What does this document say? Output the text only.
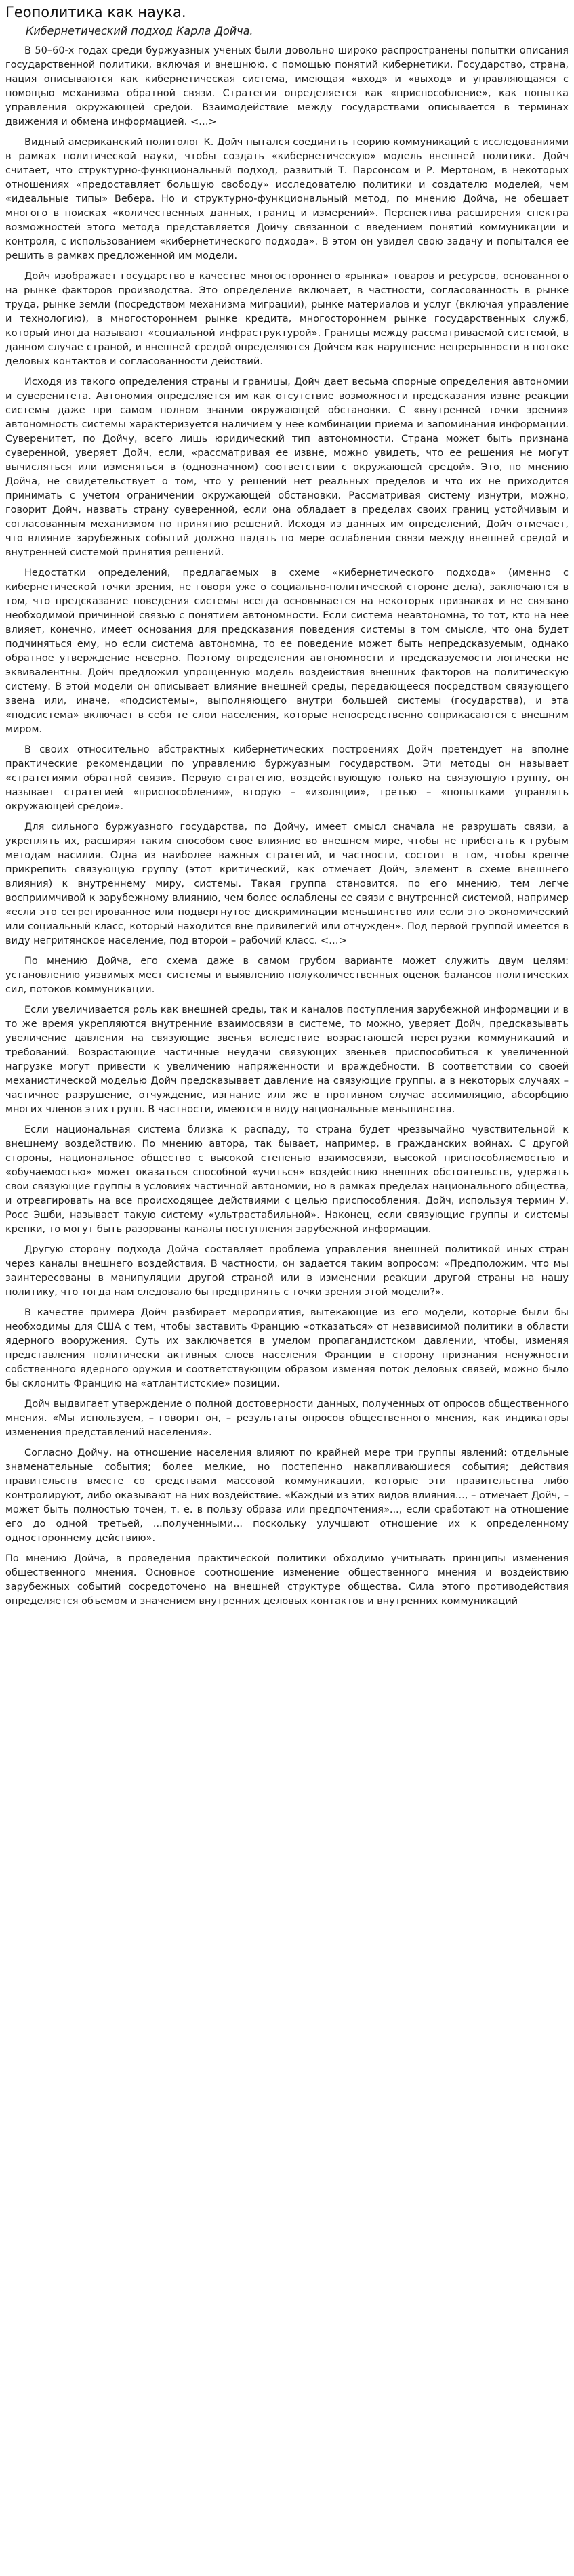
Геополитика как наука.
Кибернетический подход Карла Дойча.

В 50–60-х годах среди буржуазных ученых были довольно широко распространены попытки описания государственной политики, включая и внешнюю, с помощью понятий кибернетики. Государство, страна, нация описываются как кибернетическая система, имеющая «вход» и «выход» и управляющаяся с помощью механизма обратной связи. Стратегия определяется как «приспособление», как попытка управления окружающей средой. Взаимодействие между государствами описывается в терминах движения и обмена информацией. <…>

Видный американский политолог К. Дойч пытался соединить теорию коммуникаций с исследованиями в рамках политической науки, чтобы создать «кибернетическую» модель внешней политики. Дойч считает, что структурно-функциональный подход, развитый Т. Парсонсом и Р. Мертоном, в некоторых отношениях «предоставляет большую свободу» исследователю политики и создателю моделей, чем «идеальные типы» Вебера. Но и структурно-функциональный метод, по мнению Дойча, не обещает многого в поисках «количественных данных, границ и измерений». Перспектива расширения спектра возможностей этого метода представляется Дойчу связанной с введением понятий коммуникации и контроля, с использованием «кибернетического подхода». В этом он увидел свою задачу и попытался ее решить в рамках предложенной им модели.

Дойч изображает государство в качестве многостороннего «рынка» товаров и ресурсов, основанного на рынке факторов производства. Это определение включает, в частности, согласованность в рынке труда, рынке земли (посредством механизма миграции), рынке материалов и услуг (включая управление и технологию), в многостороннем рынке кредита, многостороннем рынке государственных служб, который иногда называют «социальной инфраструктурой». Границы между рассматриваемой системой, в данном случае страной, и внешней средой определяются Дойчем как нарушение непрерывности в потоке деловых контактов и согласованности действий.

Исходя из такого определения страны и границы, Дойч дает весьма спорные определения автономии и суверенитета. Автономия определяется им как отсутствие возможности предсказания извне реакции системы даже при самом полном знании окружающей обстановки. С «внутренней точки зрения» автономность системы характеризуется наличием у нее комбинации приема и запоминания информации. Суверенитет, по Дойчу, всего лишь юридический тип автономности. Страна может быть признана суверенной, уверяет Дойч, если, «рассматривая ее извне, можно увидеть, что ее решения не могут вычисляться или изменяться в (однозначном) соответствии с окружающей средой». Это, по мнению Дойча, не свидетельствует о том, что у решений нет реальных пределов и что их не приходится принимать с учетом ограничений окружающей обстановки. Рассматривая систему изнутри, можно, говорит Дойч, назвать страну суверенной, если она обладает в пределах своих границ устойчивым и согласованным механизмом по принятию решений. Исходя из данных им определений, Дойч отмечает, что влияние зарубежных событий должно падать по мере ослабления связи между внешней средой и внутренней системой принятия решений.

Недостатки определений, предлагаемых в схеме «кибернетического подхода» (именно с кибернетической точки зрения, не говоря уже о социально-политической стороне дела), заключаются в том, что предсказание поведения системы всегда основывается на некоторых признаках и не связано необходимой причинной связью с понятием автономности. Если система неавтономна, то тот, кто на нее влияет, конечно, имеет основания для предсказания поведения системы в том смысле, что она будет подчиняться ему, но если система автономна, то ее поведение может быть непредсказуемым, однако обратное утверждение неверно. Поэтому определения автономности и предсказуемости логически не эквивалентны. Дойч предложил упрощенную модель воздействия внешних факторов на политическую систему. В этой модели он описывает влияние внешней среды, передающееся посредством связующего звена или, иначе, «подсистемы», выполняющего внутри большей системы (государства), и эта «подсистема» включает в себя те слои населения, которые непосредственно соприкасаются с внешним миром.

В своих относительно абстрактных кибернетических построениях Дойч претендует на вполне практические рекомендации по управлению буржуазным государством. Эти методы он называет «стратегиями обратной связи». Первую стратегию, воздействующую только на связующую группу, он называет стратегией «приспособления», вторую – «изоляции», третью – «попытками управлять окружающей средой».

Для сильного буржуазного государства, по Дойчу, имеет смысл сначала не разрушать связи, а укреплять их, расширяя таким способом свое влияние во внешнем мире, чтобы не прибегать к грубым методам насилия. Одна из наиболее важных стратегий, и частности, состоит в том, чтобы крепче прикрепить связующую группу (этот критический, как отмечает Дойч, элемент в схеме внешнего влияния) к внутреннему миру, системы. Такая группа становится, по его мнению, тем легче восприимчивой к зарубежному влиянию, чем более ослаблены ее связи с внутренней системой, например «если это сегрегированное или подвергнутое дискриминации меньшинство или если это экономический или социальный класс, который находится вне привилегий или отчужден». Под первой группой имеется в виду негритянское население, под второй – рабочий класс. <…>

По мнению Дойча, его схема даже в самом грубом варианте может служить двум целям: установлению уязвимых мест системы и выявлению полуколичественных оценок балансов политических сил, потоков коммуникации.

Если увеличивается роль как внешней среды, так и каналов поступления зарубежной информации и в то же время укрепляются внутренние взаимосвязи в системе, то можно, уверяет Дойч, предсказывать увеличение давления на связующие звенья вследствие возрастающей перегрузки коммуникаций и требований. Возрастающие частичные неудачи связующих звеньев приспособиться к увеличенной нагрузке могут привести к увеличению напряженности и враждебности. В соответствии со своей механистической моделью Дойч предсказывает давление на связующие группы, а в некоторых случаях – частичное разрушение, отчуждение, изгнание или же в противном случае ассимиляцию, абсорбцию многих членов этих групп. В частности, имеются в виду национальные меньшинства.

Если национальная система близка к распаду, то страна будет чрезвычайно чувствительной к внешнему воздействию. По мнению автора, так бывает, например, в гражданских войнах. С другой стороны, национальное общество с высокой степенью взаимосвязи, высокой приспособляемостью и «обучаемостью» может оказаться способной «учиться» воздействию внешних обстоятельств, удержать свои связующие группы в условиях частичной автономии, но в рамках пределах национального общества, и отреагировать на все происходящее действиями с целью приспособления. Дойч, используя термин У. Росс Эшби, называет такую систему «ультрастабильной». Наконец, если связующие группы и системы крепки, то могут быть разорваны каналы поступления зарубежной информации.

Другую сторону подхода Дойча составляет проблема управления внешней политикой иных стран через каналы внешнего воздействия. В частности, он задается таким вопросом: «Предположим, что мы заинтересованы в манипуляции другой страной или в изменении реакции другой страны на нашу политику, что тогда нам следовало бы предпринять с точки зрения этой модели?».

В качестве примера Дойч разбирает мероприятия, вытекающие из его модели, которые были бы необходимы для США с тем, чтобы заставить Францию «отказаться» от независимой политики в области ядерного вооружения. Суть их заключается в умелом пропагандистском давлении, чтобы, изменяя представления политически активных слоев населения Франции в сторону признания ненужности собственного ядерного оружия и соответствующим образом изменяя поток деловых связей, можно было бы склонить Францию на «атлантистские» позиции.

Дойч выдвигает утверждение о полной достоверности данных, полученных от опросов общественного мнения. «Мы используем, – говорит он, – результаты опросов общественного мнения, как индикаторы изменения представлений населения».

Согласно Дойчу, на отношение населения влияют по крайней мере три группы явлений: отдельные знаменательные события; более мелкие, но постепенно накапливающиеся события; действия правительств вместе со средствами массовой коммуникации, которые эти правительства либо контролируют, либо оказывают на них воздействие. «Каждый из этих видов влияния..., – отмечает Дойч, – может быть полностью точен, т. е. в пользу образа или предпочтения»..., если сработают на отношение его до одной третьей, ...полученными... поскольку улучшают отношение их к определенному одностороннему действию».

По мнению Дойча, в проведения практической политики обходимо учитывать принципы изменения общественного мнения. Основное соотношение изменение общественного мнения и воздействию зарубежных событий сосредоточено на внешней структуре общества. Сила этого противодействия определяется объемом и значением внутренних деловых контактов и внутренних коммуникаций
